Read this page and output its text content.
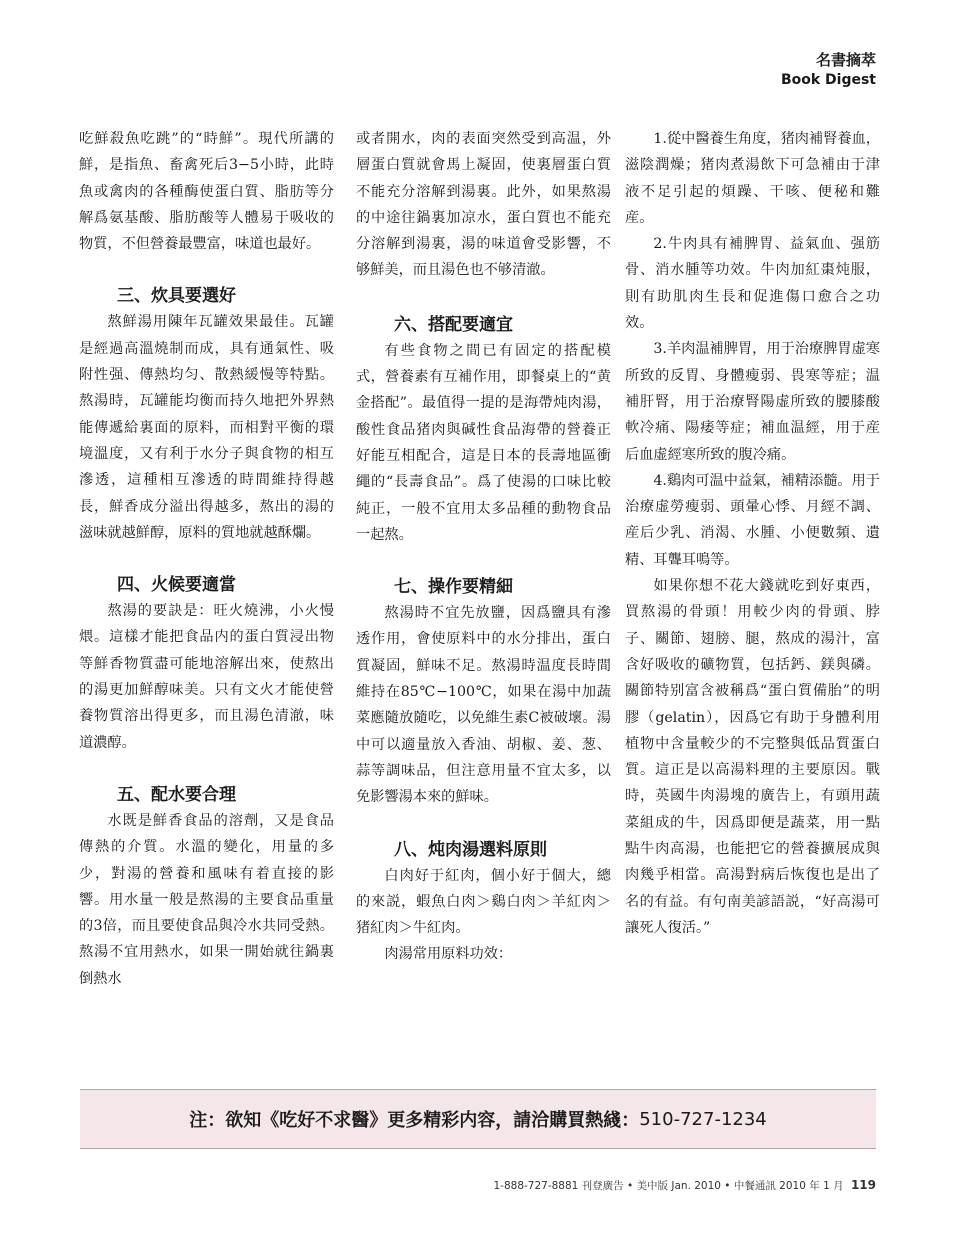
名書摘萃
Book Digest

吃鮮殺魚吃跳”的“時鮮”。現代所講的鮮，是指魚、畜禽死后3−5小時，此時魚或禽肉的各種酶使蛋白質、脂肪等分解爲氨基酸、脂肪酸等人體易于吸收的物質，不但營養最豐富，味道也最好。

三、炊具要選好

熬鮮湯用陳年瓦罐效果最佳。瓦罐是經過高溫燒制而成，具有通氣性、吸附性强、傳熱均匀、散熱緩慢等特點。熬湯時，瓦罐能均衡而持久地把外界熱能傳遞給裏面的原料，而相對平衡的環境溫度，又有利于水分子與食物的相互滲透，這種相互滲透的時間維持得越長，鮮香成分溢出得越多，熬出的湯的滋味就越鮮醇，原料的質地就越酥爛。

四、火候要適當

熬湯的要訣是：旺火燒沸，小火慢煨。這樣才能把食品内的蛋白質浸出物等鮮香物質盡可能地溶解出來，使熬出的湯更加鮮醇味美。只有文火才能使營養物質溶出得更多，而且湯色清澈，味道濃醇。

五、配水要合理

水既是鮮香食品的溶劑，又是食品傳熱的介質。水溫的變化，用量的多少，對湯的營養和風味有着直接的影響。用水量一般是熬湯的主要食品重量的3倍，而且要使食品與冷水共同受熱。熬湯不宜用熱水，如果一開始就往鍋裏倒熱水

或者開水，肉的表面突然受到高温，外層蛋白質就會馬上凝固，使裏層蛋白質不能充分溶解到湯裏。此外，如果熬湯的中途往鍋裏加凉水，蛋白質也不能充分溶解到湯裏，湯的味道會受影響，不够鮮美，而且湯色也不够清澈。

六、搭配要適宜

有些食物之間已有固定的搭配模式，營養素有互補作用，即餐桌上的“黄金搭配”。最值得一提的是海帶炖肉湯，酸性食品猪肉與碱性食品海帶的營養正好能互相配合，這是日本的長壽地區衝繩的“長壽食品”。爲了使湯的口味比較純正，一般不宜用太多品種的動物食品一起熬。

七、操作要精細

熬湯時不宜先放鹽，因爲鹽具有滲透作用，會使原料中的水分排出，蛋白質凝固，鮮味不足。熬湯時温度長時間維持在85℃−100℃，如果在湯中加蔬菜應隨放隨吃，以免維生素C被破壞。湯中可以適量放入香油、胡椒、姜、葱、蒜等調味品，但注意用量不宜太多，以免影響湯本來的鮮味。

八、炖肉湯選料原則

白肉好于紅肉，個小好于個大，總的來説，蝦魚白肉＞鷄白肉＞羊紅肉＞猪紅肉＞牛紅肉。

肉湯常用原料功效：

1.從中醫養生角度，猪肉補腎養血，滋陰潤燥；猪肉煮湯飲下可急補由于津液不足引起的煩躁、干咳、便秘和難産。

2.牛肉具有補脾胃、益氣血、强筋骨、消水腫等功效。牛肉加紅棗炖服，則有助肌肉生長和促進傷口愈合之功效。

3.羊肉温補脾胃，用于治療脾胃虚寒所致的反胃、身體瘦弱、畏寒等症；温補肝腎，用于治療腎陽虚所致的腰膝酸軟冷痛、陽痿等症；補血温經，用于産后血虚經寒所致的腹冷痛。

4.鷄肉可温中益氣，補精添髓。用于治療虚勞瘦弱、頭暈心悸、月經不調、産后少乳、消渴、水腫、小便數頻、遺精、耳聾耳鳴等。

如果你想不花大錢就吃到好東西，買熬湯的骨頭！用較少肉的骨頭、脖子、關節、翅膀、腿，熬成的湯汁，富含好吸收的礦物質，包括鈣、鎂與磷。關節特别富含被稱爲“蛋白質備胎”的明膠（gelatin），因爲它有助于身體利用植物中含量較少的不完整與低品質蛋白質。這正是以高湯料理的主要原因。戰時，英國牛肉湯塊的廣告上，有頭用蔬菜組成的牛，因爲即便是蔬菜，用一點點牛肉高湯，也能把它的營養擴展成與肉幾乎相當。高湯對病后恢復也是出了名的有益。有句南美諺語説，“好高湯可讓死人復活。”

注：欲知《吃好不求醫》更多精彩内容，請洽購買熱綫： 510-727-1234
1-888-727-8881 刊登廣告 • 美中版 Jan. 2010 • 中餐通訊 2010 年 1 月 119
